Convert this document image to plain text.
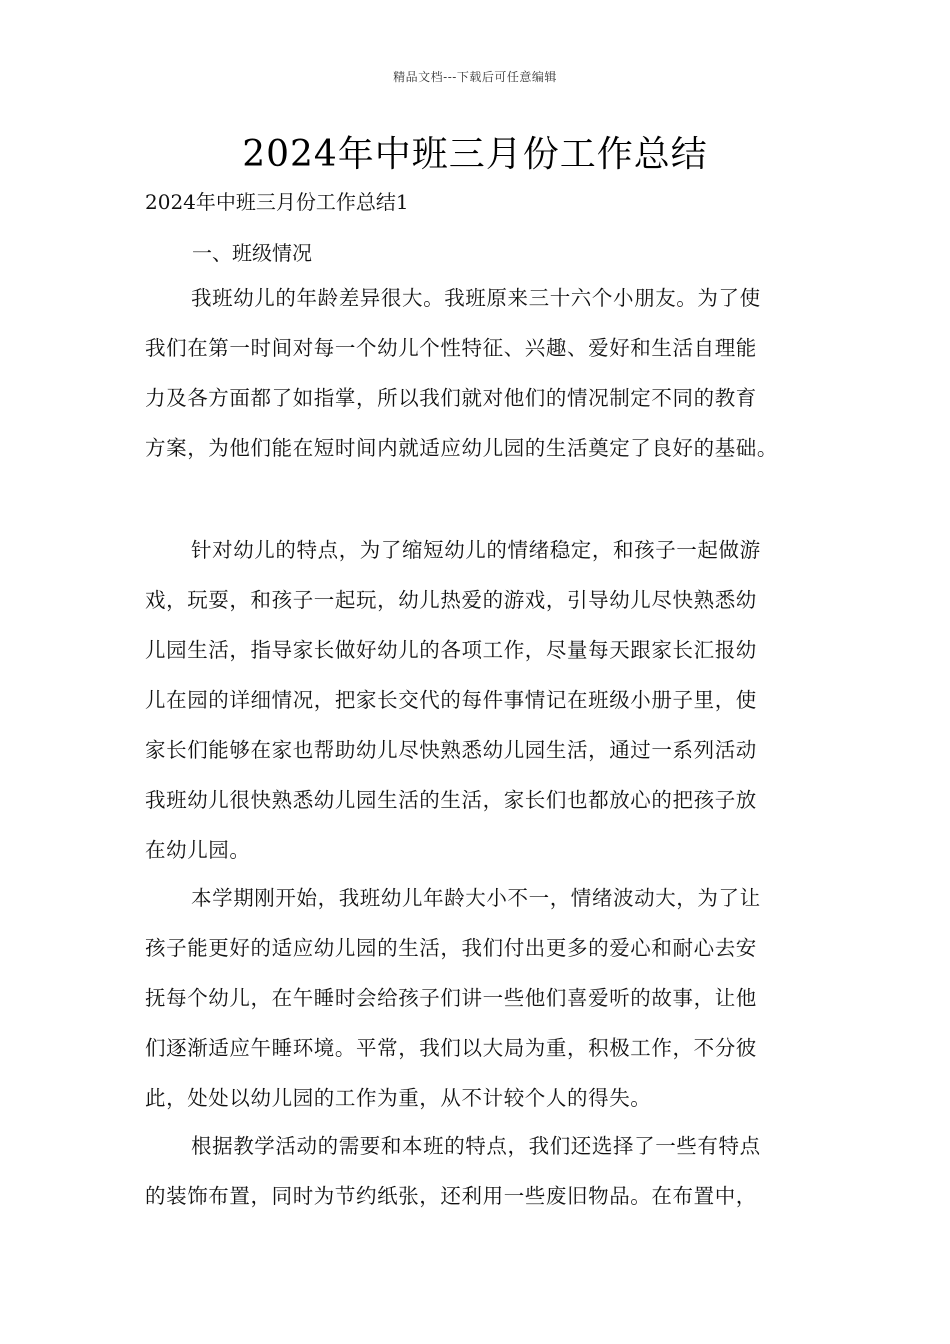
精品文档---下载后可任意编辑
2024年中班三月份工作总结

2024年中班三月份工作总结1

一、班级情况

我班幼儿的年龄差异很大。我班原来三十六个小朋友。为了使
我们在第一时间对每一个幼儿个性特征、兴趣、爱好和生活自理能
力及各方面都了如指掌，所以我们就对他们的情况制定不同的教育
方案，为他们能在短时间内就适应幼儿园的生活奠定了良好的基础。
针对幼儿的特点，为了缩短幼儿的情绪稳定，和孩子一起做游
戏，玩耍，和孩子一起玩，幼儿热爱的游戏，引导幼儿尽快熟悉幼
儿园生活，指导家长做好幼儿的各项工作，尽量每天跟家长汇报幼
儿在园的详细情况，把家长交代的每件事情记在班级小册子里，使
家长们能够在家也帮助幼儿尽快熟悉幼儿园生活，通过一系列活动
我班幼儿很快熟悉幼儿园生活的生活，家长们也都放心的把孩子放
在幼儿园。
本学期刚开始，我班幼儿年龄大小不一，情绪波动大，为了让
孩子能更好的适应幼儿园的生活，我们付出更多的爱心和耐心去安
抚每个幼儿，在午睡时会给孩子们讲一些他们喜爱听的故事，让他
们逐渐适应午睡环境。平常，我们以大局为重，积极工作，不分彼
此，处处以幼儿园的工作为重，从不计较个人的得失。
根据教学活动的需要和本班的特点，我们还选择了一些有特点
的装饰布置，同时为节约纸张，还利用一些废旧物品。在布置中，
